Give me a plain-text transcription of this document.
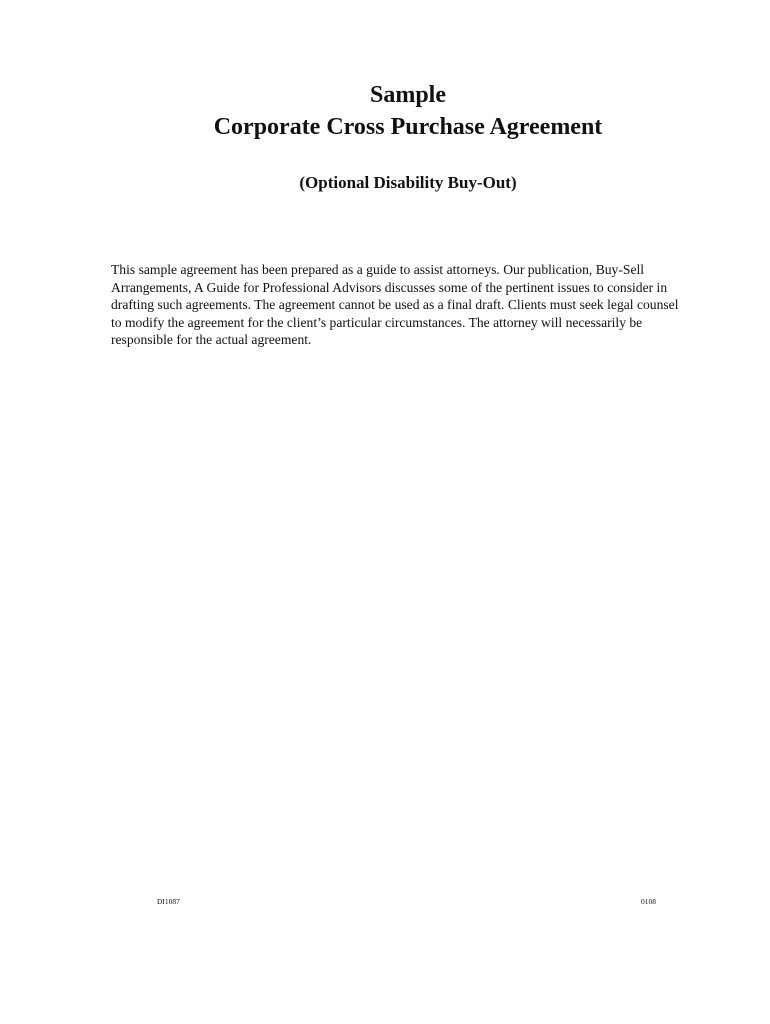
Sample
Corporate Cross Purchase Agreement
(Optional Disability Buy-Out)

This sample agreement has been prepared as a guide to assist attorneys. Our publication, Buy-Sell
Arrangements, A Guide for Professional Advisors discusses some of the pertinent issues to consider in
drafting such agreements. The agreement cannot be used as a final draft. Clients must seek legal counsel
to modify the agreement for the client’s particular circumstances. The attorney will necessarily be
responsible for the actual agreement.

DI1087	0108
